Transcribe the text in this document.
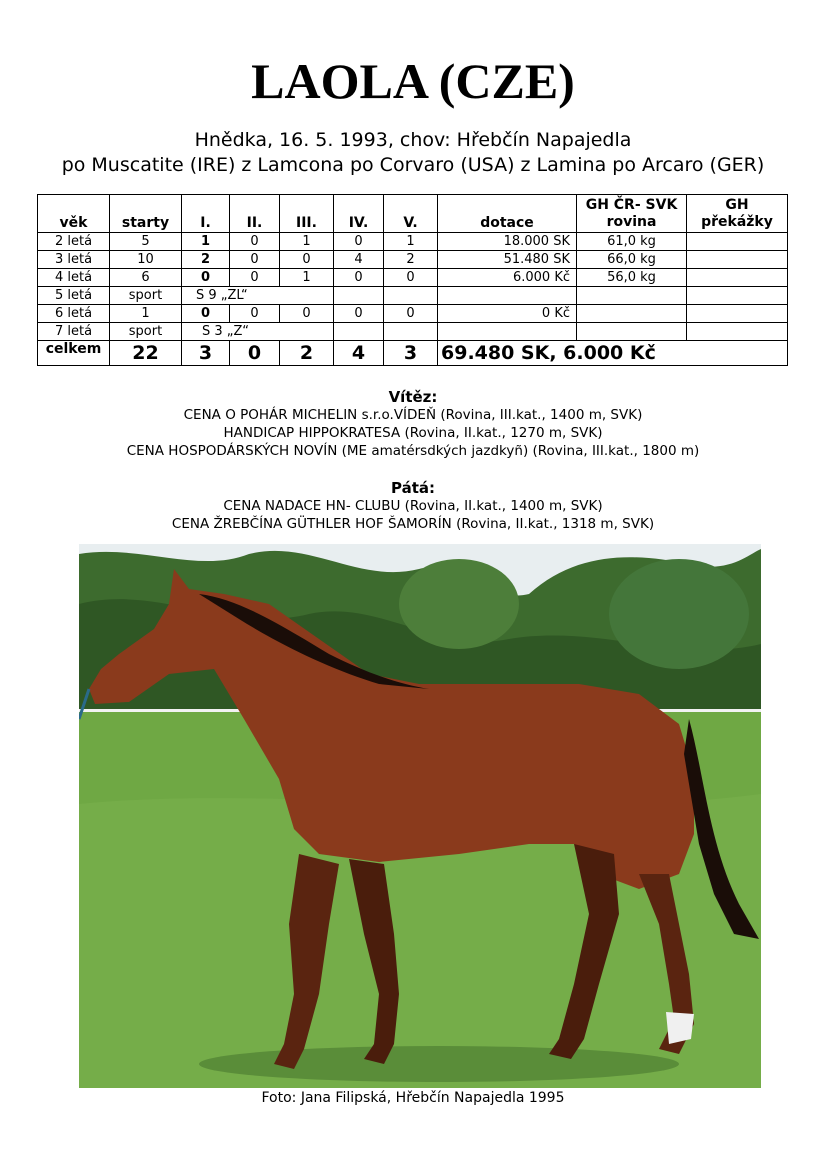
LAOLA (CZE)
Hnědka, 16. 5. 1993, chov: Hřebčín Napajedla
po Muscatite (IRE) z Lamcona po Corvaro (USA) z Lamina po Arcaro (GER)
věk	starty	I.	II.	III.	IV.	V.	dotace	GH ČR- SVK rovina	GH překážky
2 letá	5	1	0	1	0	1	18.000 SK	61,0 kg	
3 letá	10	2	0	0	4	2	51.480 SK	66,0 kg	
4 letá	6	0	0	1	0	0	6.000 Kč	56,0 kg	
5 letá	sport	S 9 „ZL“							
6 letá	1	0	0	0	0	0	0 Kč		
7 letá	sport	S 3 „Z“							
celkem	22	3	0	2	4	3	69.480 SK, 6.000 Kč		
Vítěz:
CENA O POHÁR MICHELIN s.r.o.VÍDEŇ (Rovina, III.kat., 1400 m, SVK)
HANDICAP HIPPOKRATESA (Rovina, II.kat., 1270 m, SVK)
CENA HOSPODÁRSKÝCH NOVÍN (ME amatérsdkých jazdkyñ) (Rovina, III.kat., 1800 m)
Pátá:
CENA NADACE HN- CLUBU (Rovina, II.kat., 1400 m, SVK)
CENA ŽREBČÍNA GÜTHLER HOF ŠAMORÍN (Rovina, II.kat., 1318 m, SVK)
Foto: Jana Filipská, Hřebčín Napajedla 1995
